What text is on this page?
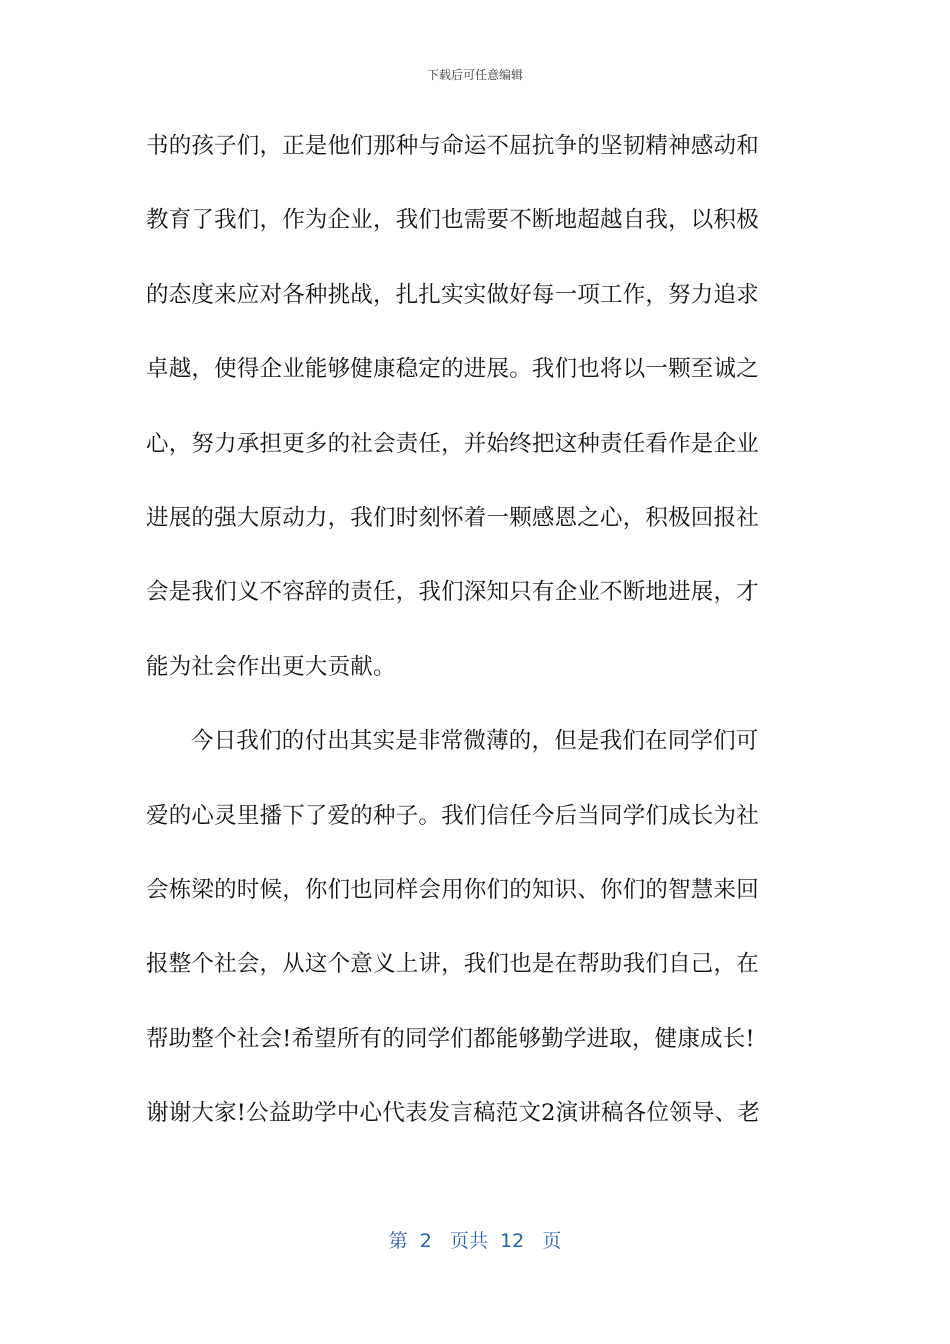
下载后可任意编辑
书的孩子们，正是他们那种与命运不屈抗争的坚韧精神感动和
教育了我们，作为企业，我们也需要不断地超越自我，以积极
的态度来应对各种挑战，扎扎实实做好每一项工作，努力追求
卓越，使得企业能够健康稳定的进展。我们也将以一颗至诚之
心，努力承担更多的社会责任，并始终把这种责任看作是企业
进展的强大原动力，我们时刻怀着一颗感恩之心，积极回报社
会是我们义不容辞的责任，我们深知只有企业不断地进展，才
能为社会作出更大贡献。
今日我们的付出其实是非常微薄的，但是我们在同学们可
爱的心灵里播下了爱的种子。我们信任今后当同学们成长为社
会栋梁的时候，你们也同样会用你们的知识、你们的智慧来回
报整个社会，从这个意义上讲，我们也是在帮助我们自己，在
帮助整个社会!希望所有的同学们都能够勤学进取，健康成长!
谢谢大家!公益助学中心代表发言稿范文2演讲稿各位领导、老
第  2   页共  12   页
